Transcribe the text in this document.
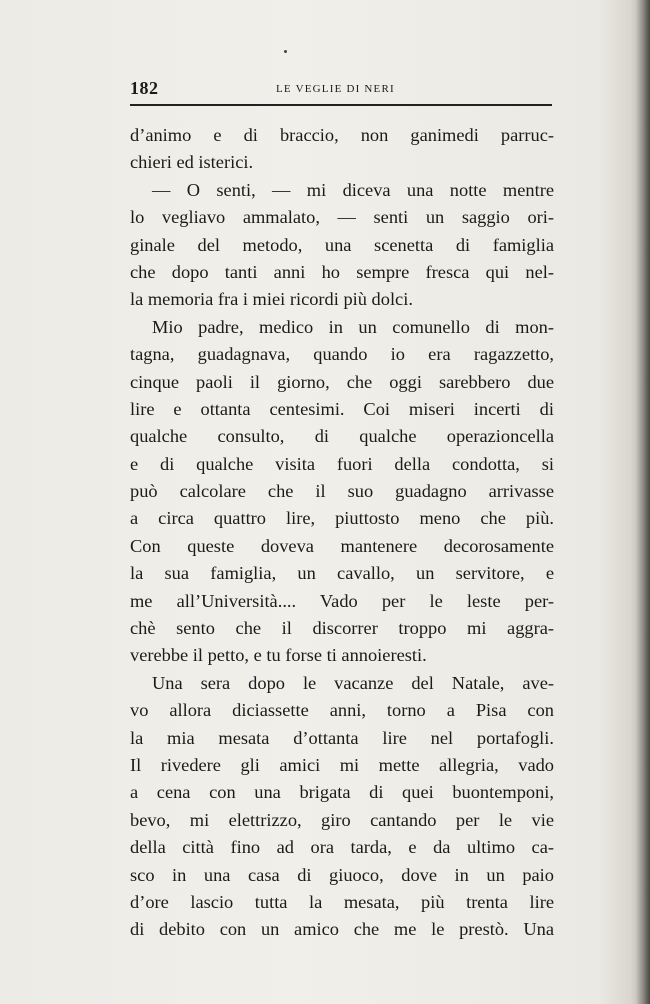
182	LE VEGLIE DI NERI
d’animo e di braccio, non ganimedi parruc-
chieri ed isterici.
— O senti, — mi diceva una notte mentre
lo vegliavo ammalato, — senti un saggio ori-
ginale del metodo, una scenetta di famiglia
che dopo tanti anni ho sempre fresca qui nel-
la memoria fra i miei ricordi più dolci.
Mio padre, medico in un comunello di mon-
tagna, guadagnava, quando io era ragazzetto,
cinque paoli il giorno, che oggi sarebbero due
lire e ottanta centesimi. Coi miseri incerti di
qualche consulto, di qualche operazioncella
e di qualche visita fuori della condotta, si
può calcolare che il suo guadagno arrivasse
a circa quattro lire, piuttosto meno che più.
Con queste doveva mantenere decorosamente
la sua famiglia, un cavallo, un servitore, e
me all’Università.... Vado per le leste per-
chè sento che il discorrer troppo mi aggra-
verebbe il petto, e tu forse ti annoieresti.
Una sera dopo le vacanze del Natale, ave-
vo allora diciassette anni, torno a Pisa con
la mia mesata d’ottanta lire nel portafogli.
Il rivedere gli amici mi mette allegria, vado
a cena con una brigata di quei buontemponi,
bevo, mi elettrizzo, giro cantando per le vie
della città fino ad ora tarda, e da ultimo ca-
sco in una casa di giuoco, dove in un paio
d’ore lascio tutta la mesata, più trenta lire
di debito con un amico che me le prestò. Una
